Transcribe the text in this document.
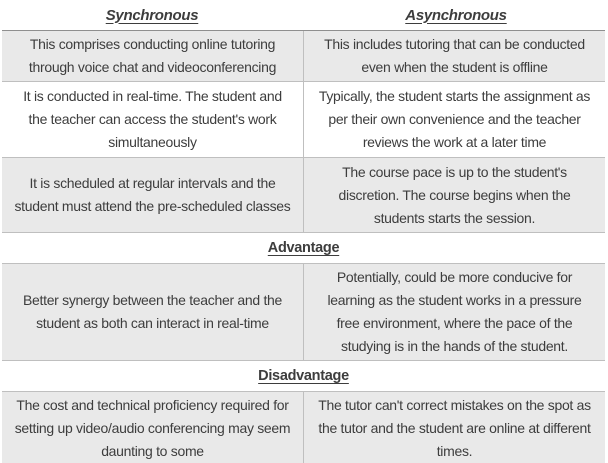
Synchronous	Asynchronous
This comprises conducting online tutoring through voice chat and videoconferencing
This includes tutoring that can be conducted even when the student is offline
It is conducted in real-time. The student and the teacher can access the student's work simultaneously
Typically, the student starts the assignment as per their own convenience and the teacher reviews the work at a later time
It is scheduled at regular intervals and the student must attend the pre-scheduled classes
The course pace is up to the student's discretion. The course begins when the students starts the session.
Advantage
Better synergy between the teacher and the student as both can interact in real-time
Potentially, could be more conducive for learning as the student works in a pressure free environment, where the pace of the studying is in the hands of the student.
Disadvantage
The cost and technical proficiency required for setting up video/audio conferencing may seem daunting to some
The tutor can't correct mistakes on the spot as the tutor and the student are online at different times.
